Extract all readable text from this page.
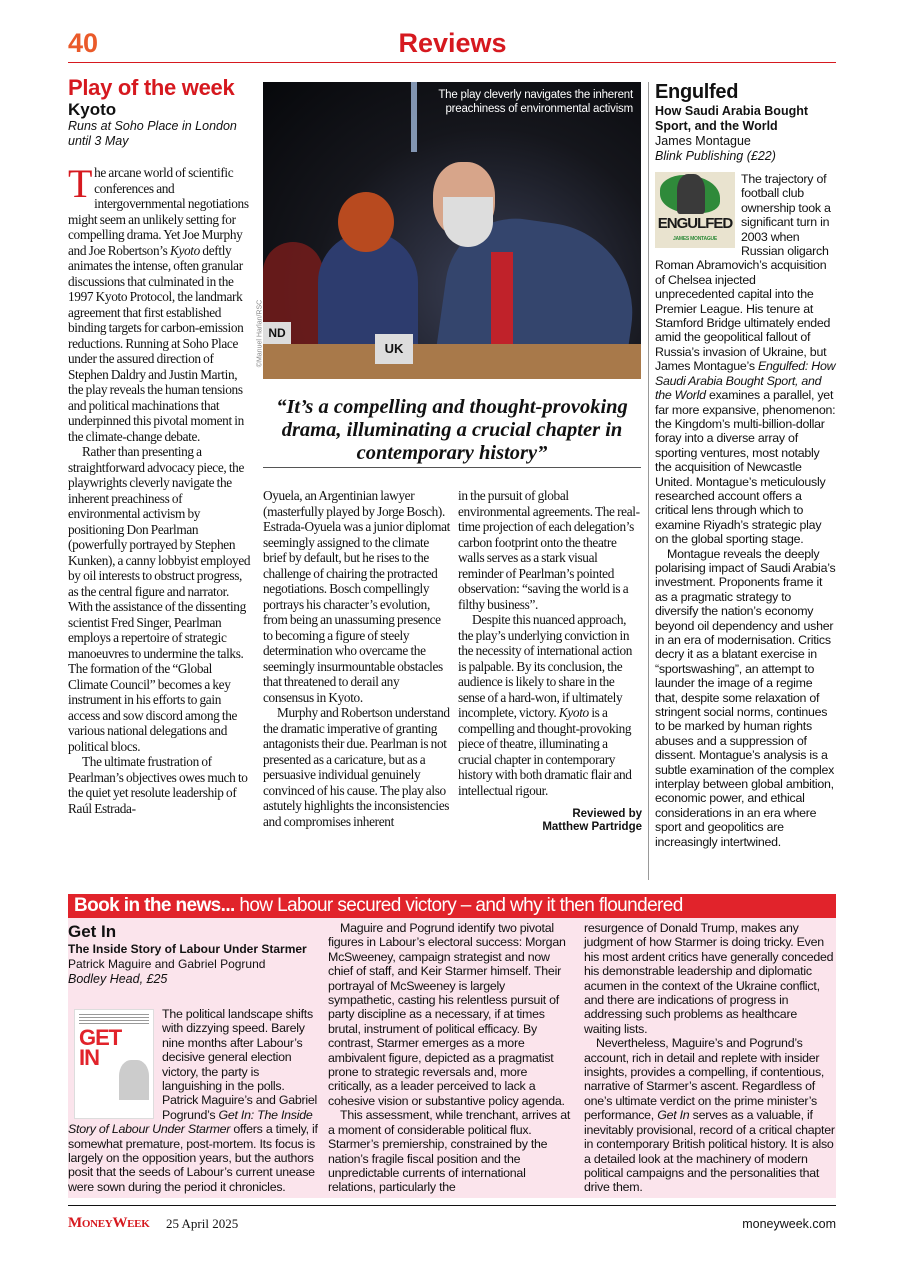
40	Reviews
Play of the week
Kyoto
Runs at Soho Place in London until 3 May

The arcane world of scientific conferences and intergovernmental negotiations might seem an unlikely setting for compelling drama. Yet Joe Murphy and Joe Robertson’s Kyoto deftly animates the intense, often granular discussions that culminated in the 1997 Kyoto Protocol, the landmark agreement that first established binding targets for carbon-emission reductions. Running at Soho Place under the assured direction of Stephen Daldry and Justin Martin, the play reveals the human tensions and political machinations that underpinned this pivotal moment in the climate-change debate.

Rather than presenting a straightforward advocacy piece, the playwrights cleverly navigate the inherent preachiness of environmental activism by positioning Don Pearlman (powerfully portrayed by Stephen Kunken), a canny lobbyist employed by oil interests to obstruct progress, as the central figure and narrator. With the assistance of the dissenting scientist Fred Singer, Pearlman employs a repertoire of strategic manoeuvres to undermine the talks. The formation of the “Global Climate Council” becomes a key instrument in his efforts to gain access and sow discord among the various national delegations and political blocs.

The ultimate frustration of Pearlman’s objectives owes much to the quiet yet resolute leadership of Raúl Estrada-

ND
UK
The play cleverly navigates the inherent preachiness of environmental activism
©Manuel Harlan/RSC
“It’s a compelling and thought-provoking drama, illuminating a crucial chapter in contemporary history”

Oyuela, an Argentinian lawyer (masterfully played by Jorge Bosch). Estrada-Oyuela was a junior diplomat seemingly assigned to the climate brief by default, but he rises to the challenge of chairing the protracted negotiations. Bosch compellingly portrays his character’s evolution, from being an unassuming presence to becoming a figure of steely determination who overcame the seemingly insurmountable obstacles that threatened to derail any consensus in Kyoto.

Murphy and Robertson understand the dramatic imperative of granting antagonists their due. Pearlman is not presented as a caricature, but as a persuasive individual genuinely convinced of his cause. The play also astutely highlights the inconsistencies and compromises inherent

in the pursuit of global environmental agreements. The real-time projection of each delegation’s carbon footprint onto the theatre walls serves as a stark visual reminder of Pearlman’s pointed observation: “saving the world is a filthy business”.

Despite this nuanced approach, the play’s underlying conviction in the necessity of international action is palpable. By its conclusion, the audience is likely to share in the sense of a hard-won, if ultimately incomplete, victory. Kyoto is a compelling and thought-provoking piece of theatre, illuminating a crucial chapter in contemporary history with both dramatic flair and intellectual rigour.

Reviewed by
Matthew Partridge
Engulfed
How Saudi Arabia Bought Sport, and the World
James Montague
Blink Publishing (£22)
ENGULFED
JAMES MONTAGUE

The trajectory of football club ownership took a significant turn in 2003 when Russian oligarch Roman Abramovich’s acquisition of Chelsea injected unprecedented capital into the Premier League. His tenure at Stamford Bridge ultimately ended amid the geopolitical fallout of Russia’s invasion of Ukraine, but James Montague’s Engulfed: How Saudi Arabia Bought Sport, and the World examines a parallel, yet far more expansive, phenomenon: the Kingdom’s multi-billion-dollar foray into a diverse array of sporting ventures, most notably the acquisition of Newcastle United. Montague’s meticulously researched account offers a critical lens through which to examine Riyadh’s strategic play on the global sporting stage.

Montague reveals the deeply polarising impact of Saudi Arabia’s investment. Proponents frame it as a pragmatic strategy to diversify the nation’s economy beyond oil dependency and usher in an era of modernisation. Critics decry it as a blatant exercise in “sportswashing”, an attempt to launder the image of a regime that, despite some relaxation of stringent social norms, continues to be marked by human rights abuses and a suppression of dissent. Montague’s analysis is a subtle examination of the complex interplay between global ambition, economic power, and ethical considerations in an era where sport and geopolitics are increasingly intertwined.

Book in the news... how Labour secured victory – and why it then floundered
Get In
The Inside Story of Labour Under Starmer
Patrick Maguire and Gabriel Pogrund
Bodley Head, £25
GET IN

The political landscape shifts with dizzying speed. Barely nine months after Labour’s decisive general election victory, the party is languishing in the polls. Patrick Maguire’s and Gabriel Pogrund’s Get In: The Inside Story of Labour Under Starmer offers a timely, if somewhat premature, post-mortem. Its focus is largely on the opposition years, but the authors posit that the seeds of Labour’s current unease were sown during the period it chronicles.

Maguire and Pogrund identify two pivotal figures in Labour’s electoral success: Morgan McSweeney, campaign strategist and now chief of staff, and Keir Starmer himself. Their portrayal of McSweeney is largely sympathetic, casting his relentless pursuit of party discipline as a necessary, if at times brutal, instrument of political efficacy. By contrast, Starmer emerges as a more ambivalent figure, depicted as a pragmatist prone to strategic reversals and, more critically, as a leader perceived to lack a cohesive vision or substantive policy agenda.

This assessment, while trenchant, arrives at a moment of considerable political flux. Starmer’s premiership, constrained by the nation’s fragile fiscal position and the unpredictable currents of international relations, particularly the

resurgence of Donald Trump, makes any judgment of how Starmer is doing tricky. Even his most ardent critics have generally conceded his demonstrable leadership and diplomatic acumen in the context of the Ukraine conflict, and there are indications of progress in addressing such problems as healthcare waiting lists.

Nevertheless, Maguire’s and Pogrund’s account, rich in detail and replete with insider insights, provides a compelling, if contentious, narrative of Starmer’s ascent. Regardless of one’s ultimate verdict on the prime minister’s performance, Get In serves as a valuable, if inevitably provisional, record of a critical chapter in contemporary British political history. It is also a detailed look at the machinery of modern political campaigns and the personalities that drive them.

MoneyWeek 25 April 2025	moneyweek.com
